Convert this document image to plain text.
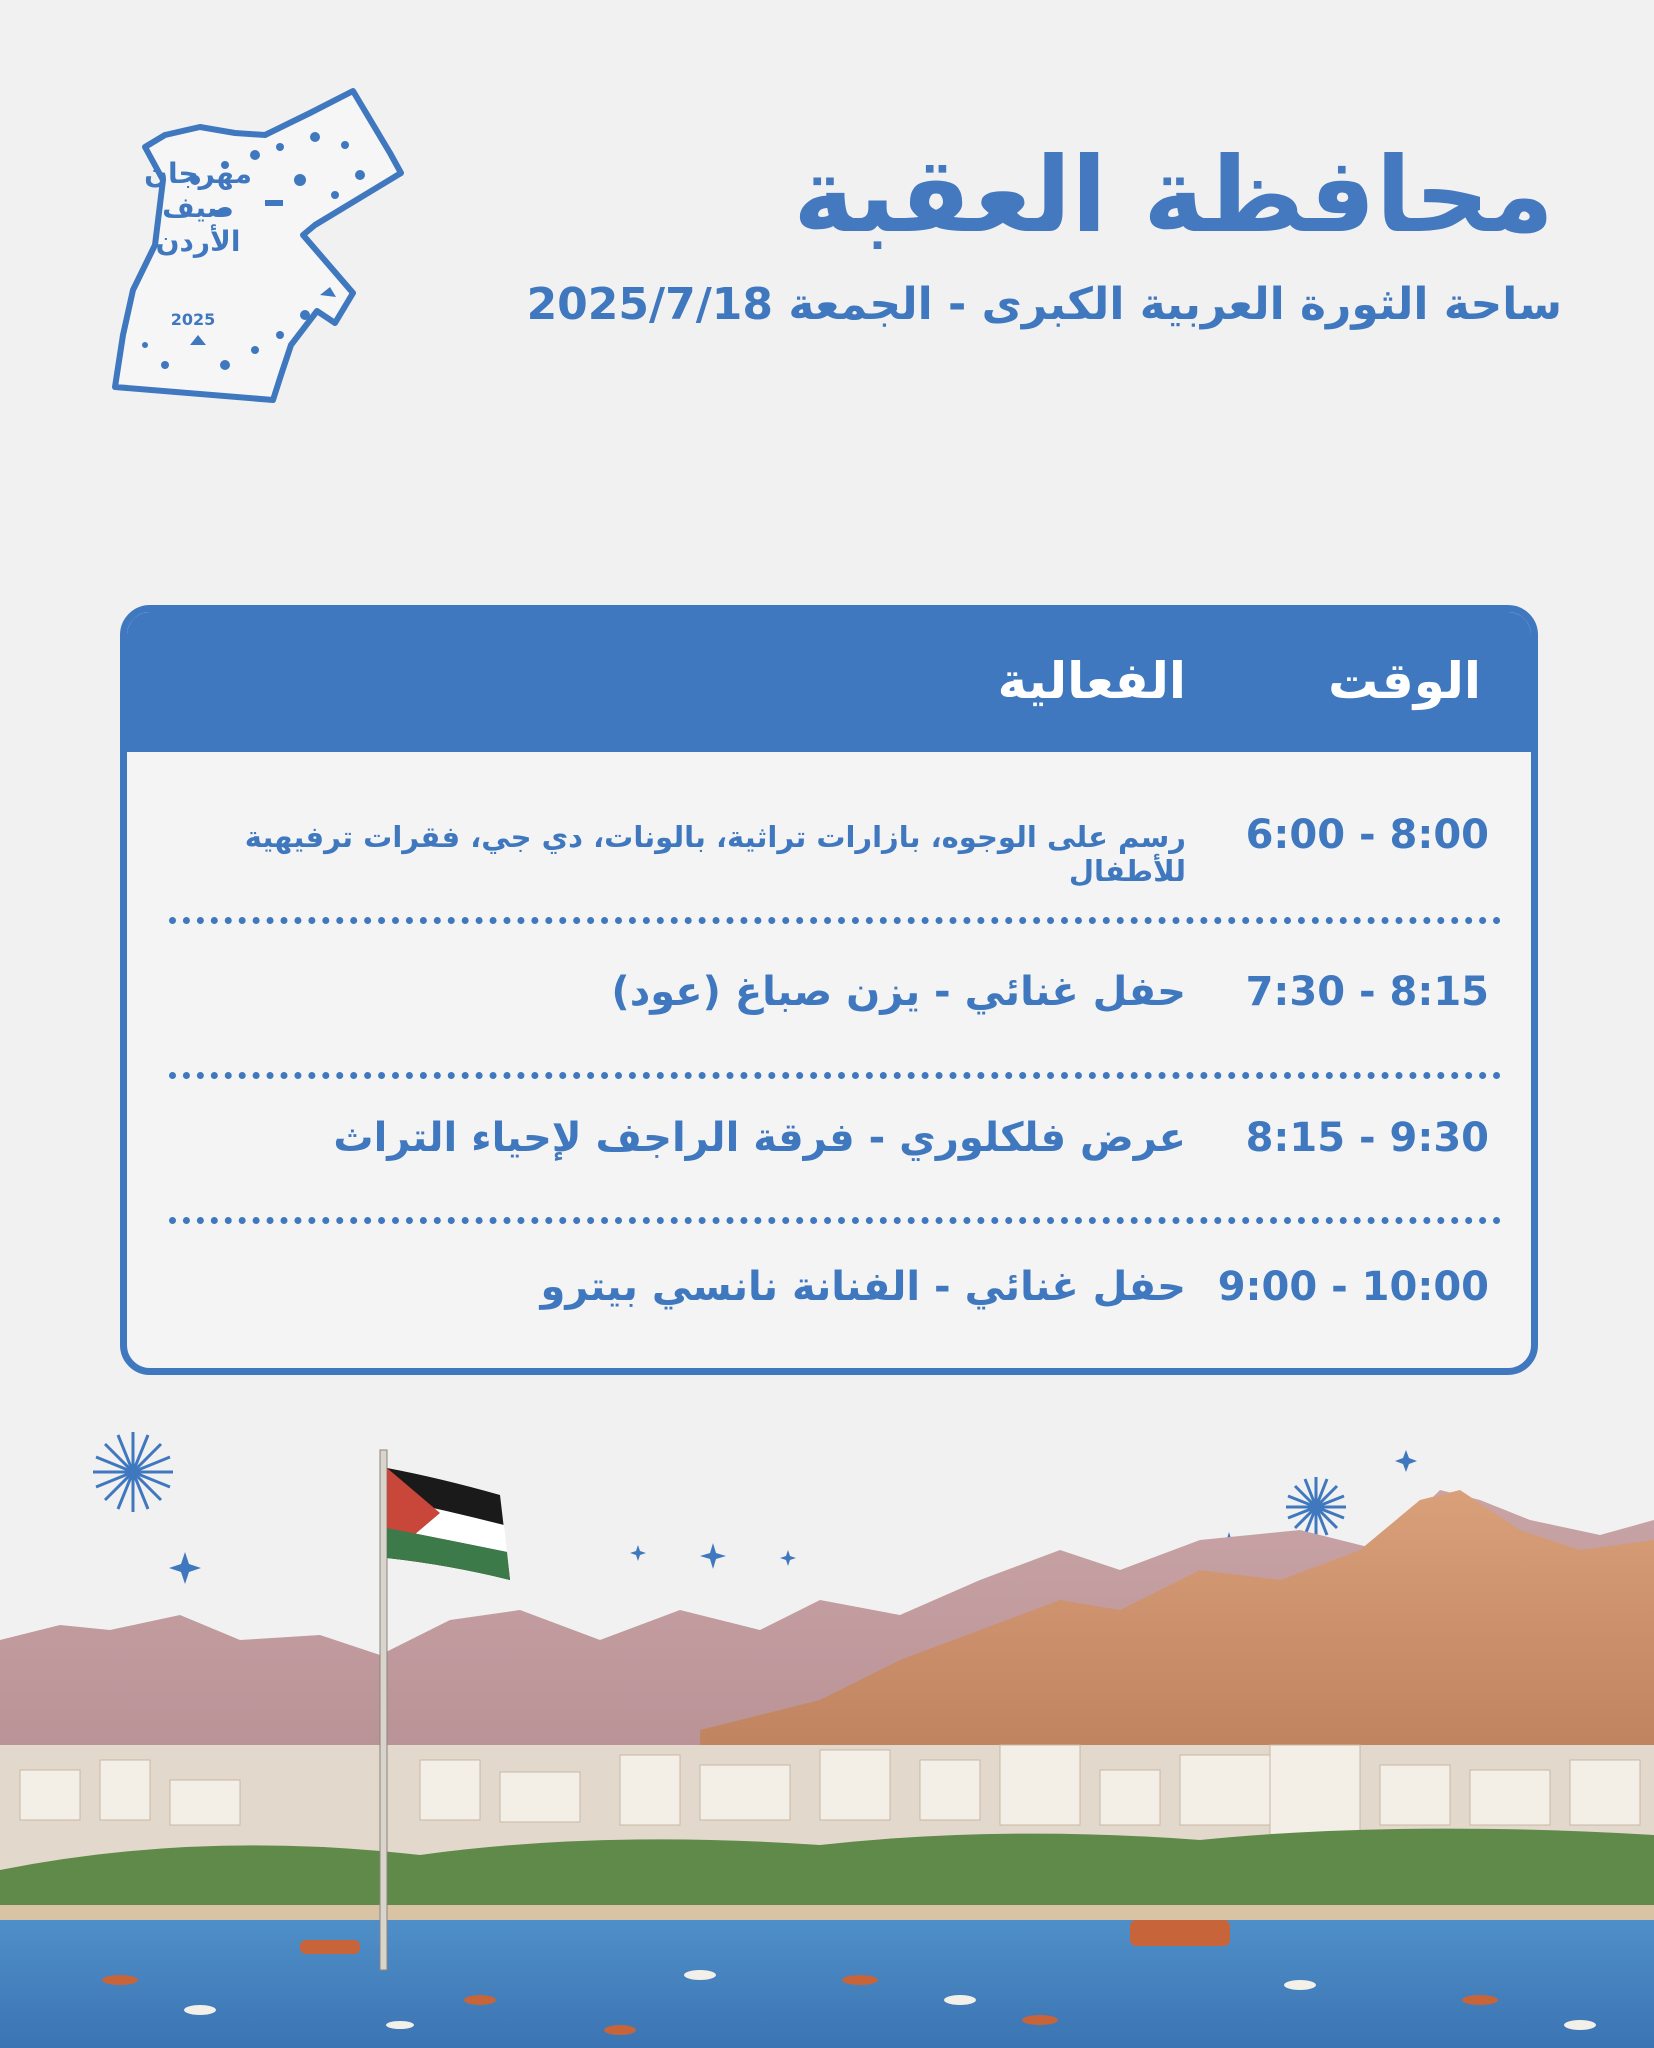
مهرجان
صيف
الأردن
2025
محافظة العقبة
ساحة الثورة العربية الكبرى - الجمعة 2025/7/18
الوقت
الفعالية
6:00 - 8:00
رسم على الوجوه، بازارات تراثية، بالونات، دي جي، فقرات ترفيهية للأطفال
7:30 - 8:15
حفل غنائي - يزن صباغ (عود)
8:15 - 9:30
عرض فلكلوري - فرقة الراجف لإحياء التراث
9:00 - 10:00
حفل غنائي - الفنانة نانسي بيترو
